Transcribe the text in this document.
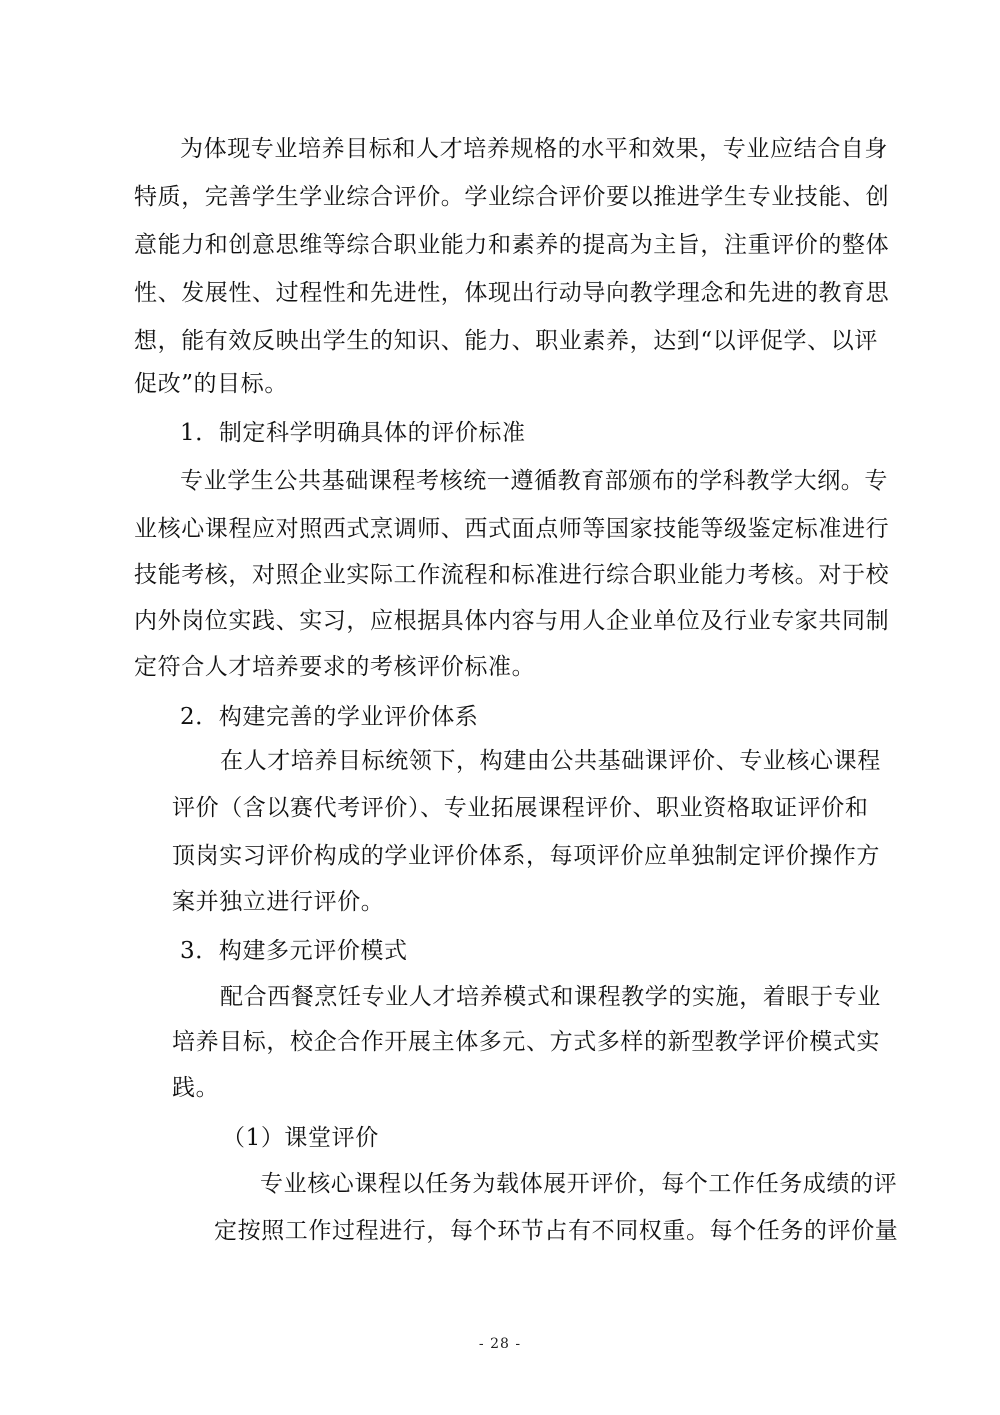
为体现专业培养目标和人才培养规格的水平和效果，专业应结合自身
特质，完善学生学业综合评价。学业综合评价要以推进学生专业技能、创
意能力和创意思维等综合职业能力和素养的提高为主旨，注重评价的整体
性、发展性、过程性和先进性，体现出行动导向教学理念和先进的教育思
想，能有效反映出学生的知识、能力、职业素养，达到“以评促学、以评
促改”的目标。
1．制定科学明确具体的评价标准
专业学生公共基础课程考核统一遵循教育部颁布的学科教学大纲。专
业核心课程应对照西式烹调师、西式面点师等国家技能等级鉴定标准进行
技能考核，对照企业实际工作流程和标准进行综合职业能力考核。对于校
内外岗位实践、实习，应根据具体内容与用人企业单位及行业专家共同制
定符合人才培养要求的考核评价标准。
2．构建完善的学业评价体系
在人才培养目标统领下，构建由公共基础课评价、专业核心课程
评价（含以赛代考评价）、专业拓展课程评价、职业资格取证评价和
顶岗实习评价构成的学业评价体系，每项评价应单独制定评价操作方
案并独立进行评价。
3．构建多元评价模式
配合西餐烹饪专业人才培养模式和课程教学的实施，着眼于专业
培养目标，校企合作开展主体多元、方式多样的新型教学评价模式实
践。
（1）课堂评价
专业核心课程以任务为载体展开评价，每个工作任务成绩的评
定按照工作过程进行，每个环节占有不同权重。每个任务的评价量
- 28 -
